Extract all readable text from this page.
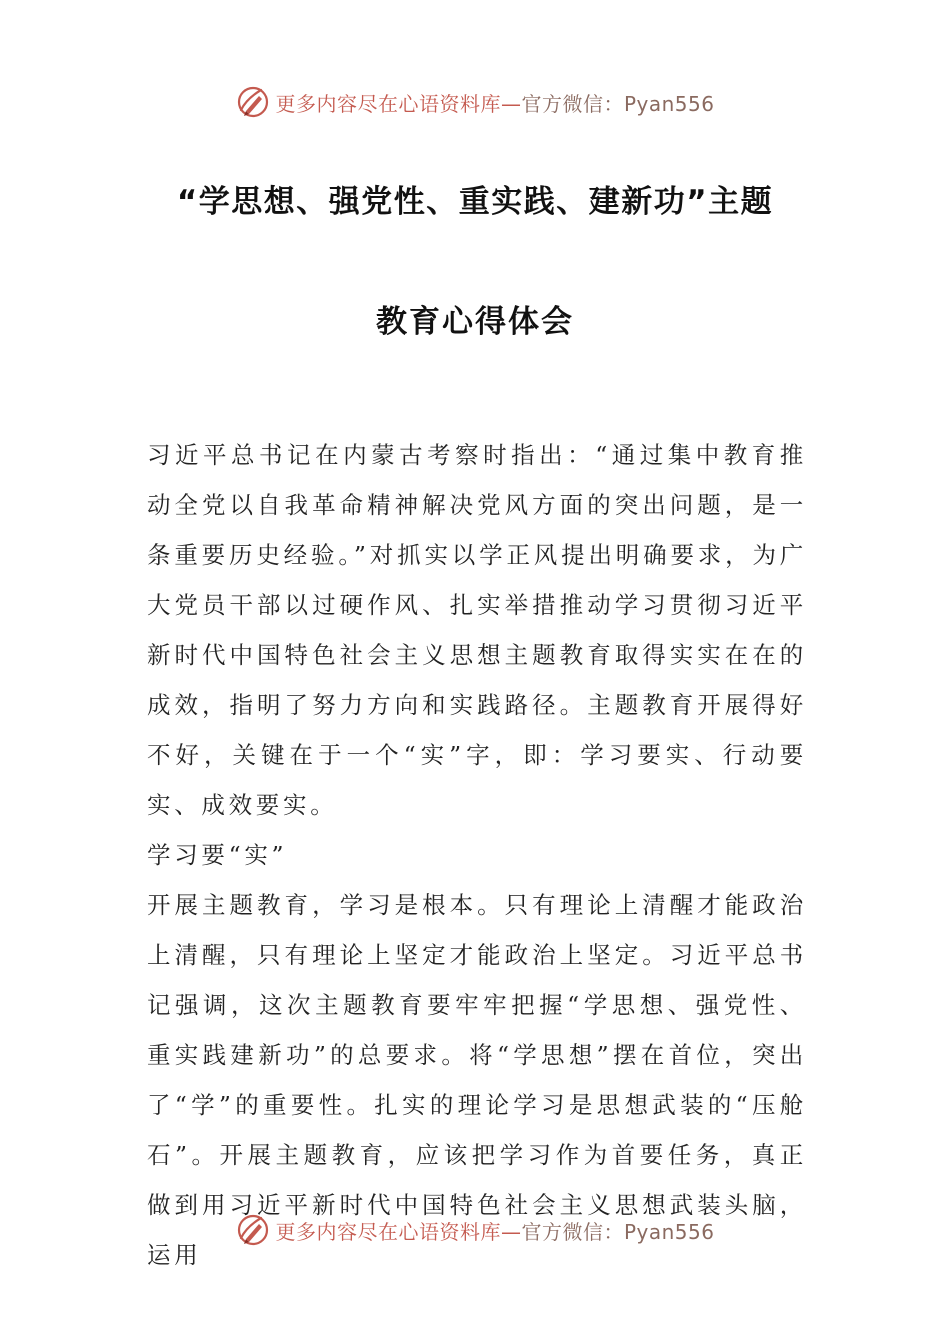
更多内容尽在心语资料库—官方微信：Pyan556
“学思想、强党性、重实践、建新功”主题
教育心得体会

习近平总书记在内蒙古考察时指出：“通过集中教育推动全党以自我革命精神解决党风方面的突出问题，是一条重要历史经验。”对抓实以学正风提出明确要求，为广大党员干部以过硬作风、扎实举措推动学习贯彻习近平新时代中国特色社会主义思想主题教育取得实实在在的成效，指明了努力方向和实践路径。主题教育开展得好不好，关键在于一个“实”字，即：学习要实、行动要实、成效要实。

学习要“实”

开展主题教育，学习是根本。只有理论上清醒才能政治上清醒，只有理论上坚定才能政治上坚定。习近平总书记强调，这次主题教育要牢牢把握“学思想、强党性、重实践建新功”的总要求。将“学思想”摆在首位，突出了“学”的重要性。扎实的理论学习是思想武装的“压舱石”。开展主题教育，应该把学习作为首要任务，真正做到用习近平新时代中国特色社会主义思想武装头脑，运用

更多内容尽在心语资料库—官方微信：Pyan556
